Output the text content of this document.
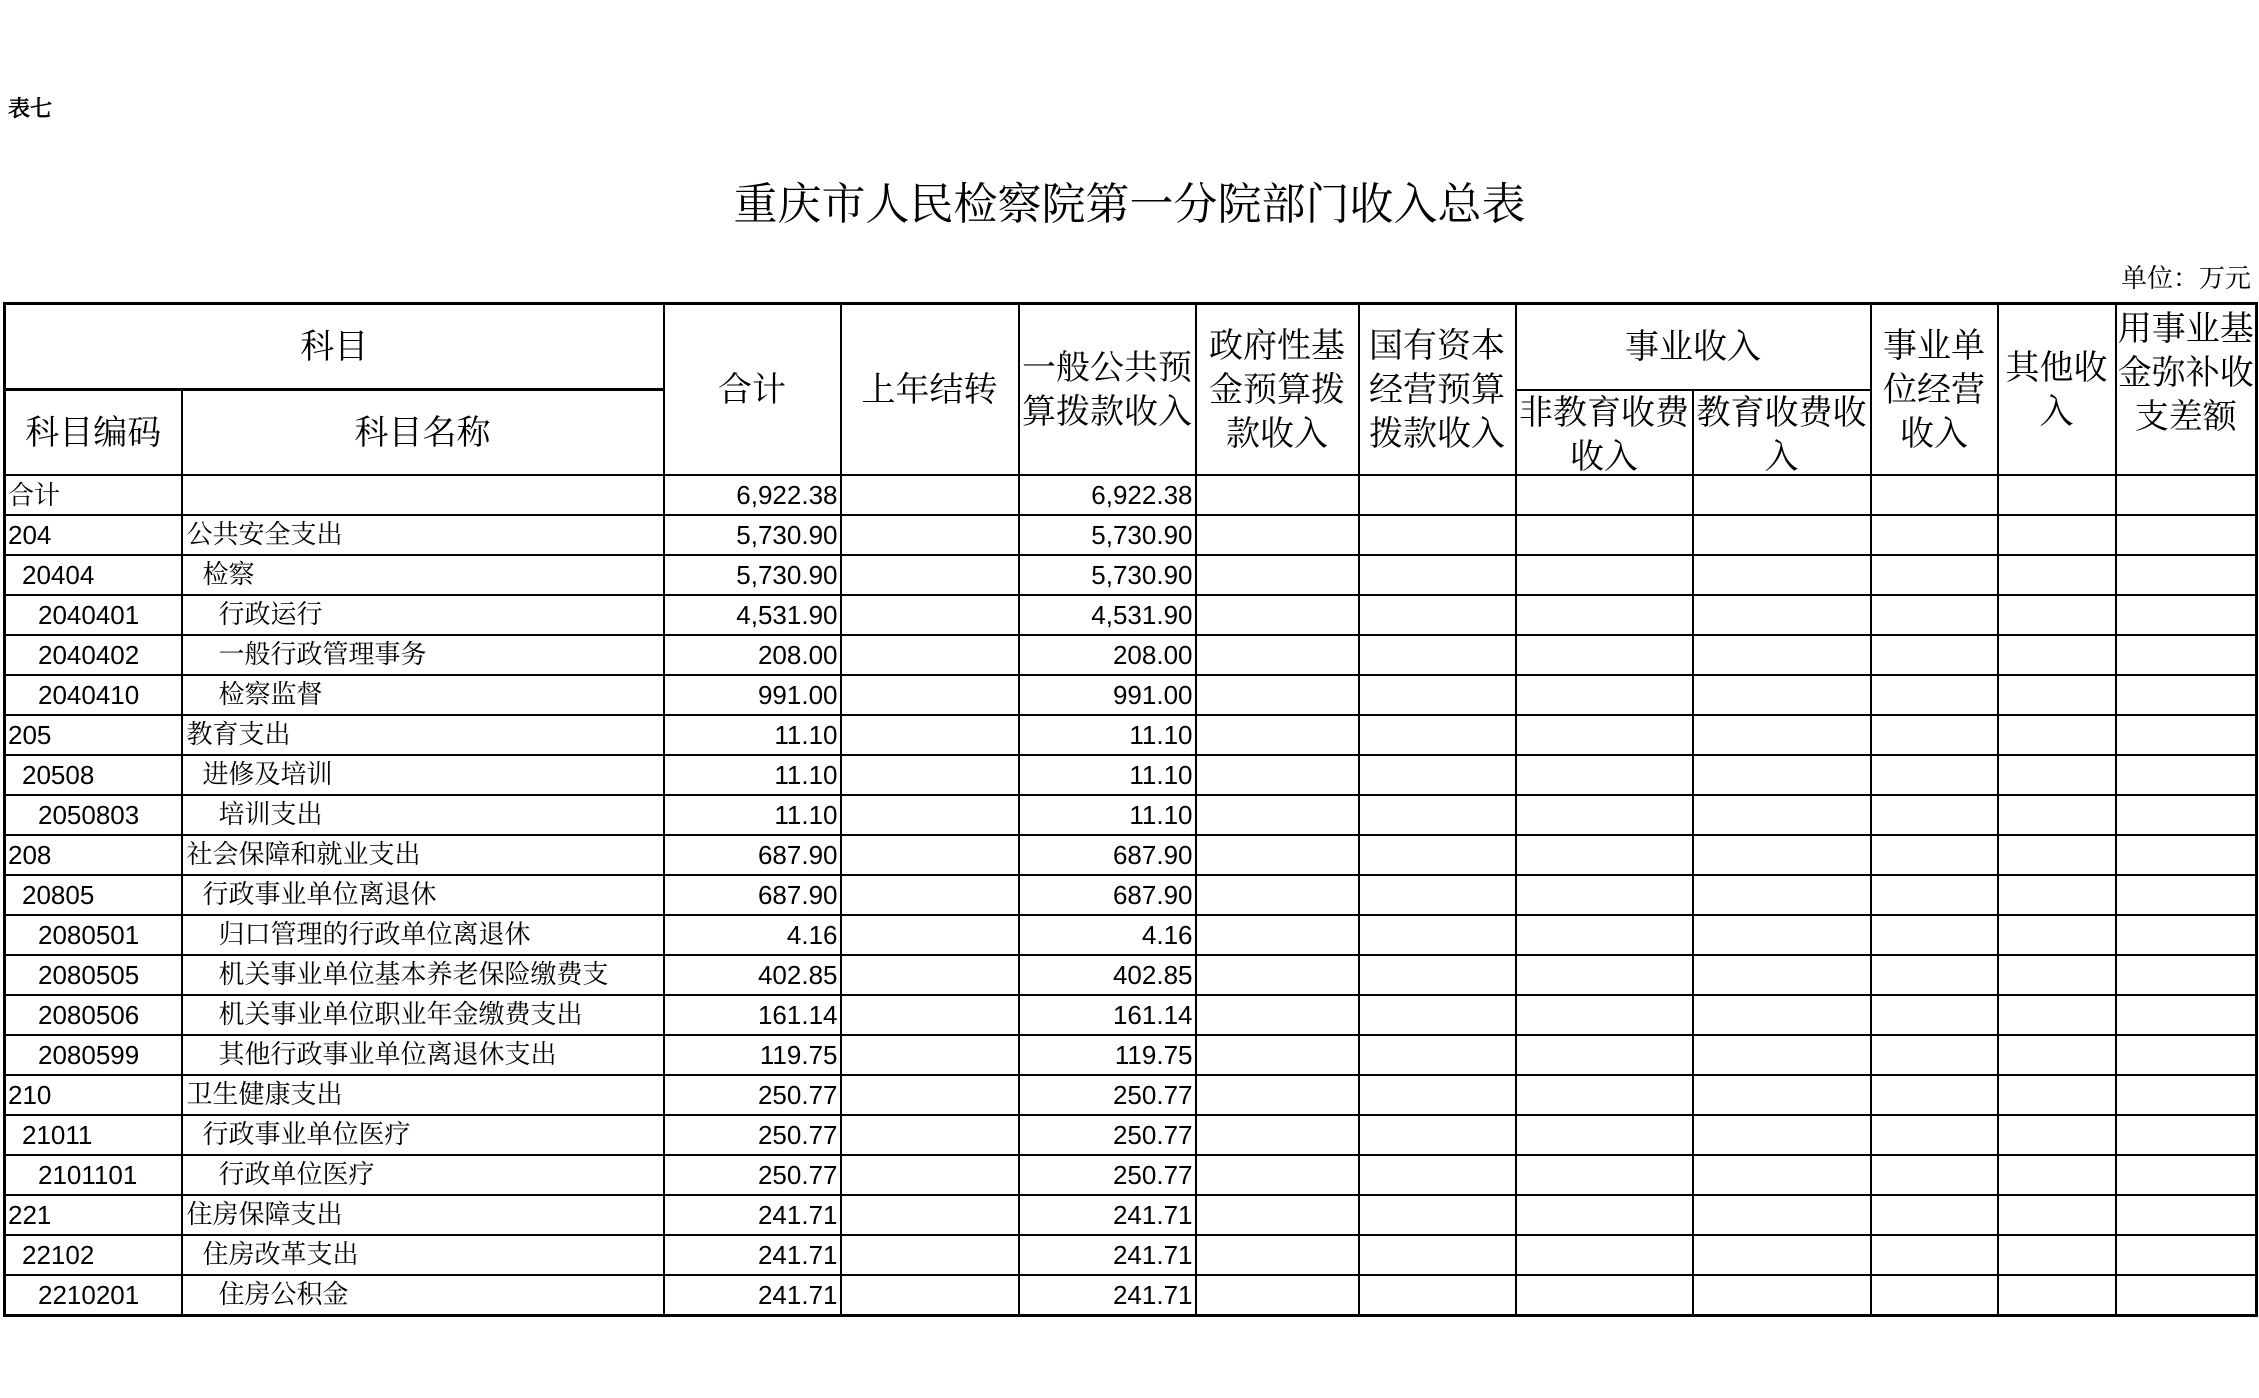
表七
重庆市人民检察院第一分院部门收入总表
单位：万元
科目		合计	上年结转	一般公共预算拨款收入	政府性基金预算拨款收入	国有资本经营预算拨款收入	事业收入		事业单位经营收入	其他收入	用事业基金弥补收支差额

科目编码	科目名称						非教育收费收入	教育收费收入			

合计		6,922.38		6,922.38							
204	公共安全支出	5,730.90		5,730.90							
20404	检察	5,730.90		5,730.90							
2040401	行政运行	4,531.90		4,531.90							
2040402	一般行政管理事务	208.00		208.00							
2040410	检察监督	991.00		991.00							
205	教育支出	11.10		11.10							
20508	进修及培训	11.10		11.10							
2050803	培训支出	11.10		11.10							
208	社会保障和就业支出	687.90		687.90							
20805	行政事业单位离退休	687.90		687.90							
2080501	归口管理的行政单位离退休	4.16		4.16							
2080505	机关事业单位基本养老保险缴费支	402.85		402.85							
2080506	机关事业单位职业年金缴费支出	161.14		161.14							
2080599	其他行政事业单位离退休支出	119.75		119.75							
210	卫生健康支出	250.77		250.77							
21011	行政事业单位医疗	250.77		250.77							
2101101	行政单位医疗	250.77		250.77							
221	住房保障支出	241.71		241.71							
22102	住房改革支出	241.71		241.71							
2210201	住房公积金	241.71		241.71							
